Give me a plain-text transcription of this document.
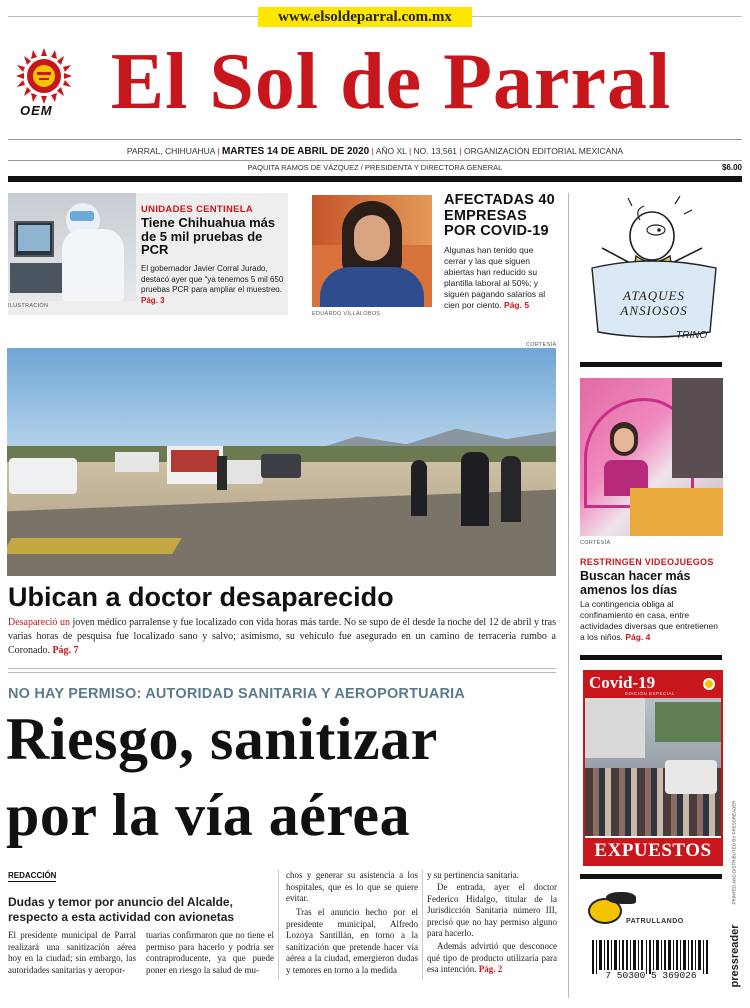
www.elsoldeparral.com.mx
OEM El Sol de Parral
PARRAL, CHIHUAHUA | MARTES 14 DE ABRIL DE 2020 | AÑO XL | NO. 13,561 | ORGANIZACIÓN EDITORIAL MEXICANA
PAQUITA RAMOS DE VÁZQUEZ / PRESIDENTA Y DIRECTORA GENERAL	$6.00
ILUSTRACIÓN
UNIDADES CENTINELA
Tiene Chihuahua más de 5 mil pruebas de PCR
El gobernador Javier Corral Jurado, destacó ayer que “ya tenemos 5 mil 650 pruebas PCR para ampliar el muestreo. Pág. 3
EDUARDO VILLALOBOS
AFECTADAS 40 EMPRESAS POR COVID-19
Algunas han tenido que cerrar y las que siguen abiertas han reducido su plantilla laboral al 50%; y siguen pagando salarios al cien por ciento. Pág. 5
ATAQUES ANSIOSOS
TRINO
CORTESÍA
RESTRINGEN VIDEOJUEGOS
Buscan hacer más amenos los días
La contingencia obliga al confinamiento en casa, entre actividades diversas que entretienen a los niños. Pág. 4
Covid-19
EDICIÓN ESPECIAL
EXPUESTOS
CORTESÍA
Ubican a doctor desaparecido
Desapareció un joven médico parralense y fue localizado con vida horas más tarde. No se supo de él desde la noche del 12 de abril y tras varias horas de pesquisa fue localizado sano y salvo; asimismo, su vehículo fue asegurado en un camino de terracería rumbo a Coronado. Pág. 7
NO HAY PERMISO: AUTORIDAD SANITARIA Y AEROPORTUARIA
Riesgo, sanitizar
por la vía aérea
REDACCIÓN
Dudas y temor por anuncio del Alcalde, respecto a esta actividad con avionetas
El presidente municipal de Parral realizará una sanitización aérea hoy en la ciudad; sin embargo, las autoridades sanitarias y aeropor-
tuarias confirmaron que no tiene el permiso para hacerlo y podría ser contraproducente, ya que puede poner en riesgo la salud de mu-
chos y generar su asistencia a los hospitales, que es lo que se quiere evitar.
Tras el anuncio hecho por el presidente municipal, Alfredo Lozoya Santillán, en torno a la sanitización que pretende hacer vía aérea a la ciudad, emergieron dudas y temores en torno a la medida
y su pertinencia sanitaria.
De entrada, ayer el doctor Federico Hidalgo, titular de la Jurisdicción Sanitaria número III, precisó que no hay permiso alguno para hacerlo.
Además advirtió que desconoce qué tipo de producto utilizaría para esa intención. Pág. 2
PATRULLANDO
7 50300 5 369026
PRINTED AND DISTRIBUTED BY PRESSREADER
pressreader
